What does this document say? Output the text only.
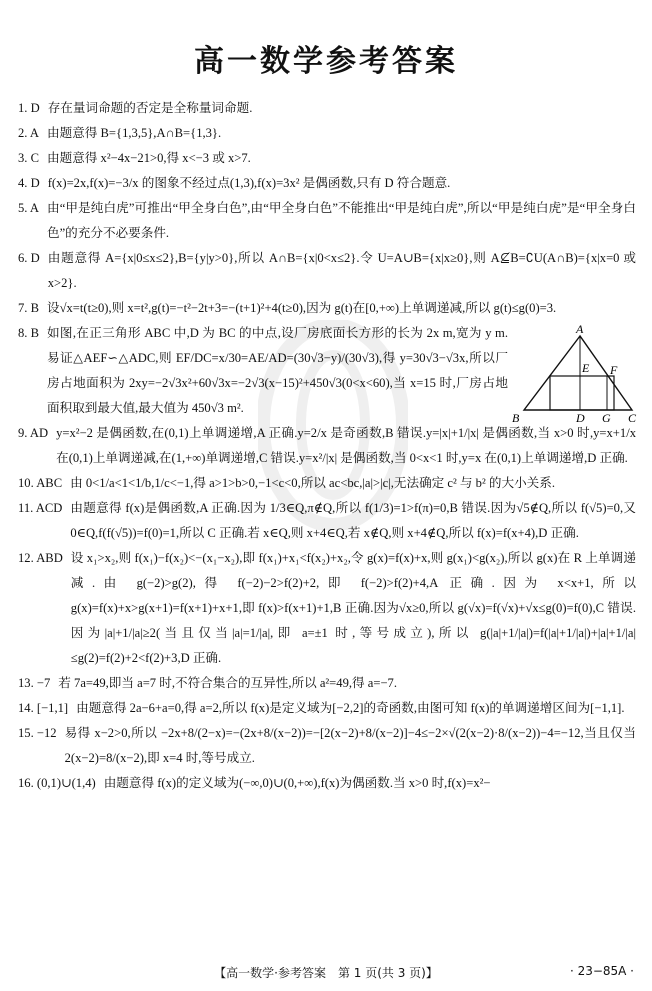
高一数学参考答案
1. D 存在量词命题的否定是全称量词命题.
2. A 由题意得 B={1,3,5},A∩B={1,3}.
3. C 由题意得 x²−4x−21>0,得 x<−3 或 x>7.
4. D f(x)=2x,f(x)=−3/x 的图象不经过点(1,3),f(x)=3x² 是偶函数,只有 D 符合题意.
5. A 由“甲是纯白虎”可推出“甲全身白色”,由“甲全身白色”不能推出“甲是纯白虎”,所以“甲是纯白虎”是“甲全身白色”的充分不必要条件.
6. D 由题意得 A={x|0≤x≤2},B={y|y>0},所以 A∩B={x|0<x≤2}.令 U=A∪B={x|x≥0},则 A⊈B=∁U(A∩B)={x|x=0 或 x>2}.
7. B 设√x=t(t≥0),则 x=t²,g(t)=−t²−2t+3=−(t+1)²+4(t≥0),因为 g(t)在[0,+∞)上单调递减,所以 g(t)≤g(0)=3.
8. B 如图,在正三角形 ABC 中,D 为 BC 的中点,设厂房底面长方形的长为 2x m,宽为 y m.易证△AEF∽△ADC,则 EF/DC=x/30=AE/AD=(30√3−y)/(30√3),得 y=30√3−√3x,所以厂房占地面积为 2xy=−2√3x²+60√3x=−2√3(x−15)²+450√3(0<x<60),当 x=15 时,厂房占地面积取到最大值,最大值为 450√3 m².
9. AD y=x²−2 是偶函数,在(0,1)上单调递增,A 正确.y=2/x 是奇函数,B 错误.y=|x|+1/|x| 是偶函数,当 x>0 时,y=x+1/x 在(0,1)上单调递减,在(1,+∞)单调递增,C 错误.y=x²/|x| 是偶函数,当 0<x<1 时,y=x 在(0,1)上单调递增,D 正确.
10. ABC 由 0<1/a<1<1/b,1/c<−1,得 a>1>b>0,−1<c<0,所以 ac<bc,|a|>|c|,无法确定 c² 与 b² 的大小关系.
11. ACD 由题意得 f(x)是偶函数,A 正确.因为 1/3∈Q,π∉Q,所以 f(1/3)=1>f(π)=0,B 错误.因为√5∉Q,所以 f(√5)=0,又 0∈Q,f(f(√5))=f(0)=1,所以 C 正确.若 x∈Q,则 x+4∈Q,若 x∉Q,则 x+4∉Q,所以 f(x)=f(x+4),D 正确.
12. ABD 设 x₁>x₂,则 f(x₁)−f(x₂)<−(x₁−x₂),即 f(x₁)+x₁<f(x₂)+x₂,令 g(x)=f(x)+x,则 g(x₁)<g(x₂),所以 g(x)在 R 上单调递减.由 g(−2)>g(2),得 f(−2)−2>f(2)+2,即 f(−2)>f(2)+4,A 正确.因为 x<x+1,所以 g(x)=f(x)+x>g(x+1)=f(x+1)+x+1,即 f(x)>f(x+1)+1,B 正确.因为√x≥0,所以 g(√x)=f(√x)+√x≤g(0)=f(0),C 错误.因为|a|+1/|a|≥2(当且仅当|a|=1/|a|,即 a=±1 时,等号成立),所以 g(|a|+1/|a|)=f(|a|+1/|a|)+|a|+1/|a|≤g(2)=f(2)+2<f(2)+3,D 正确.
13. −7 若 7a=49,即当 a=7 时,不符合集合的互异性,所以 a²=49,得 a=−7.
14. [−1,1] 由题意得 2a−6+a=0,得 a=2,所以 f(x)是定义域为[−2,2]的奇函数,由图可知 f(x)的单调递增区间为[−1,1].
15. −12 易得 x−2>0,所以 −2x+8/(2−x)=−(2x+8/(x−2))=−[2(x−2)+8/(x−2)]−4≤−2×√(2(x−2)·8/(x−2))−4=−12,当且仅当 2(x−2)=8/(x−2),即 x=4 时,等号成立.
16. (0,1)∪(1,4) 由题意得 f(x)的定义域为(−∞,0)∪(0,+∞),f(x)为偶函数.当 x>0 时,f(x)=x²−
A
E F
B	D G C
【高一数学·参考答案　第 1 页(共 3 页)】	· 23−85A ·
